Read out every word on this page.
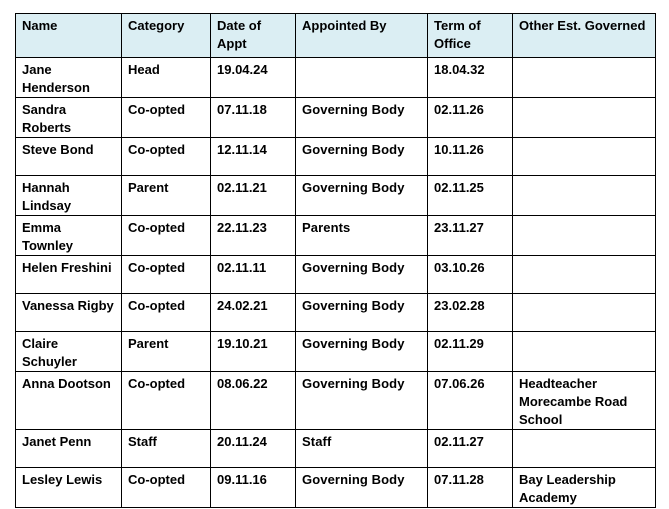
Name	Category	Date of Appt	Appointed By	Term of Office	Other Est. Governed
Jane Henderson	Head	19.04.24		18.04.32	
Sandra Roberts	Co-opted	07.11.18	Governing Body	02.11.26	
Steve Bond	Co-opted	12.11.14	Governing Body	10.11.26	
Hannah Lindsay	Parent	02.11.21	Governing Body	02.11.25	
Emma Townley	Co-opted	22.11.23	Parents	23.11.27	
Helen Freshini	Co-opted	02.11.11	Governing Body	03.10.26	
Vanessa Rigby	Co-opted	24.02.21	Governing Body	23.02.28	
Claire Schuyler	Parent	19.10.21	Governing Body	02.11.29	
Anna Dootson	Co-opted	08.06.22	Governing Body	07.06.26	Headteacher Morecambe Road School
Janet Penn	Staff	20.11.24	Staff	02.11.27	
Lesley Lewis	Co-opted	09.11.16	Governing Body	07.11.28	Bay Leadership Academy
